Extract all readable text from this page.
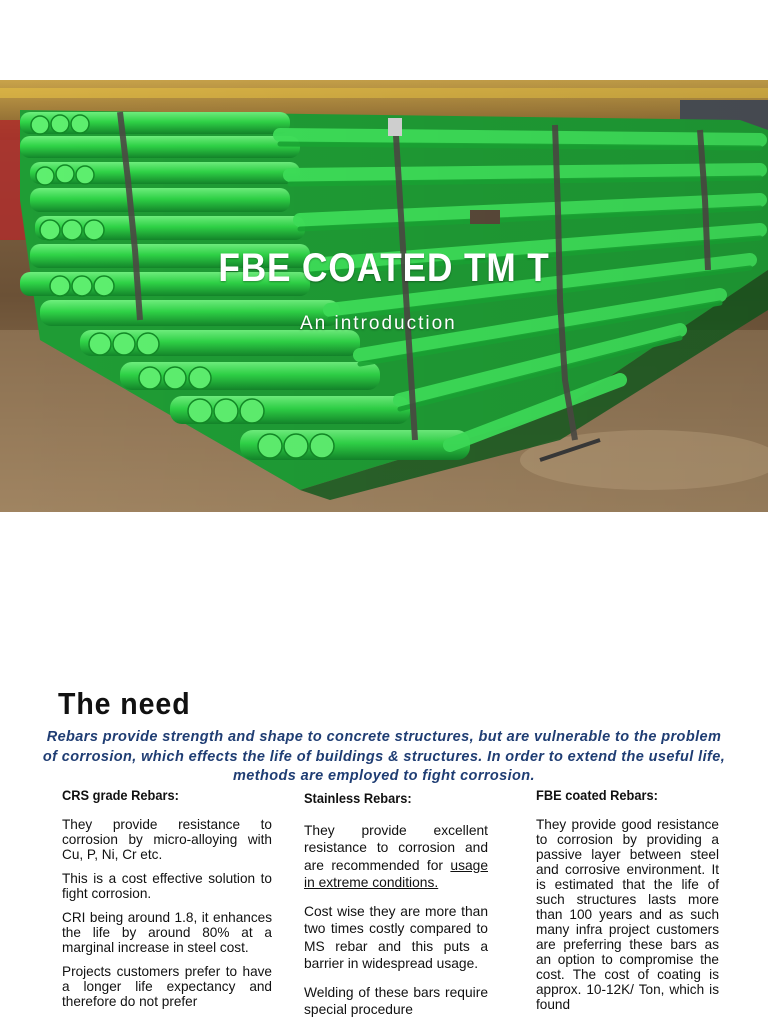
FBE COATED TM T
An introduction
The need

Rebars provide strength and shape to concrete structures, but are vulnerable to the problem of corrosion, which effects the life of buildings & structures. In order to extend the useful life, methods are employed to fight corrosion.

CRS grade Rebars:

They provide resistance to corrosion by micro-alloying with Cu, P, Ni, Cr etc.

This is a cost effective solution to fight corrosion.

CRI being around 1.8, it enhances the life by around 80% at a marginal increase in steel cost.

Projects customers prefer to have a longer life expectancy and therefore do not prefer

Stainless Rebars:

They provide excellent resistance to corrosion and are recommended for usage in extreme conditions.

Cost wise they are more than two times costly compared to MS rebar and this puts a barrier in widespread usage.

Welding of these bars require special procedure

FBE coated Rebars:

They provide good resistance to corrosion by providing a passive layer between steel and corrosive environment. It is estimated that the life of such structures lasts more than 100 years and as such many infra project customers are preferring these bars as an option to compromise the cost. The cost of coating is approx. 10-12K/ Ton, which is found
